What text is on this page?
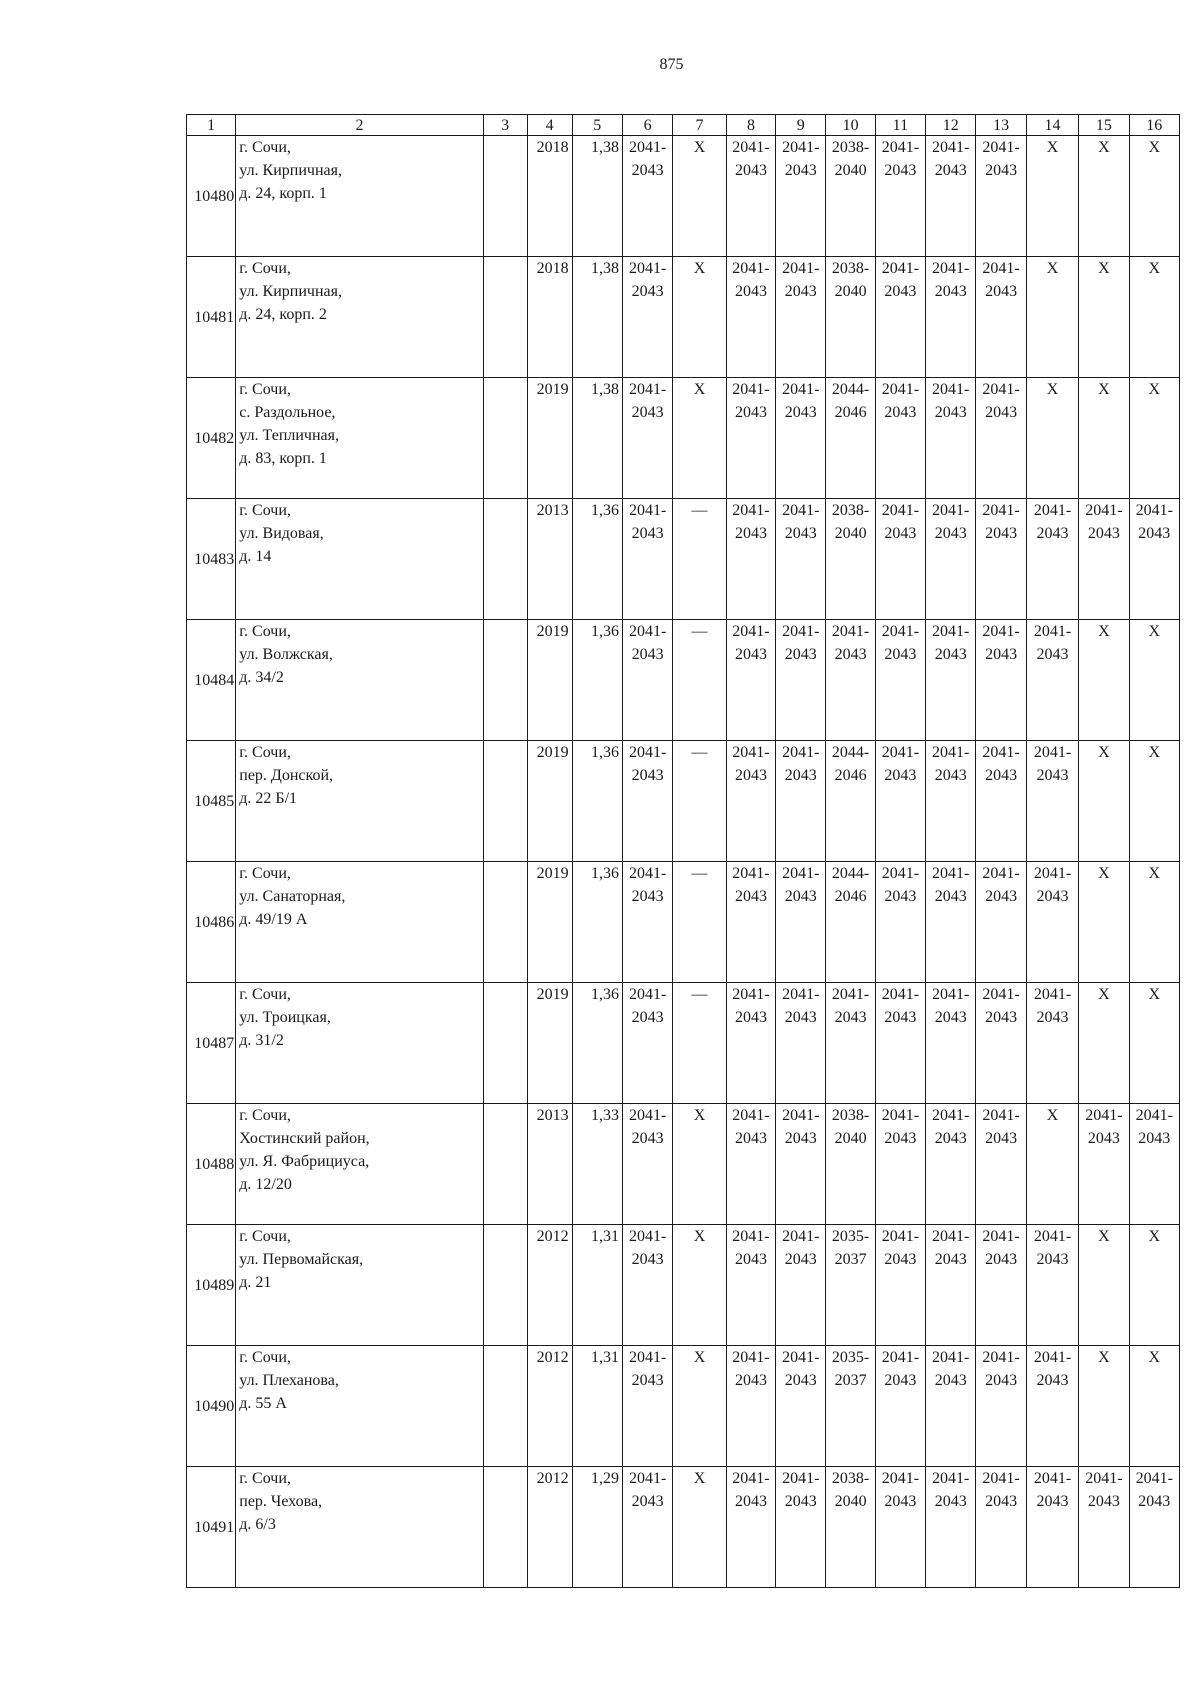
875
1	2	3	4	5	6	7	8	9	10	11	12	13	14	15	16
10480	г. Сочи,
ул. Кирпичная,
д. 24, корп. 1		2018	1,38	2041-
2043	X	2041-
2043	2041-
2043	2038-
2040	2041-
2043	2041-
2043	2041-
2043	X	X	X
10481	г. Сочи,
ул. Кирпичная,
д. 24, корп. 2		2018	1,38	2041-
2043	X	2041-
2043	2041-
2043	2038-
2040	2041-
2043	2041-
2043	2041-
2043	X	X	X
10482	г. Сочи,
с. Раздольное,
ул. Тепличная,
д. 83, корп. 1		2019	1,38	2041-
2043	X	2041-
2043	2041-
2043	2044-
2046	2041-
2043	2041-
2043	2041-
2043	X	X	X
10483	г. Сочи,
ул. Видовая,
д. 14		2013	1,36	2041-
2043	—	2041-
2043	2041-
2043	2038-
2040	2041-
2043	2041-
2043	2041-
2043	2041-
2043	2041-
2043	2041-
2043
10484	г. Сочи,
ул. Волжская,
д. 34/2		2019	1,36	2041-
2043	—	2041-
2043	2041-
2043	2041-
2043	2041-
2043	2041-
2043	2041-
2043	2041-
2043	X	X
10485	г. Сочи,
пер. Донской,
д. 22 Б/1		2019	1,36	2041-
2043	—	2041-
2043	2041-
2043	2044-
2046	2041-
2043	2041-
2043	2041-
2043	2041-
2043	X	X
10486	г. Сочи,
ул. Санаторная,
д. 49/19 А		2019	1,36	2041-
2043	—	2041-
2043	2041-
2043	2044-
2046	2041-
2043	2041-
2043	2041-
2043	2041-
2043	X	X
10487	г. Сочи,
ул. Троицкая,
д. 31/2		2019	1,36	2041-
2043	—	2041-
2043	2041-
2043	2041-
2043	2041-
2043	2041-
2043	2041-
2043	2041-
2043	X	X
10488	г. Сочи,
Хостинский район,
ул. Я. Фабрициуса,
д. 12/20		2013	1,33	2041-
2043	X	2041-
2043	2041-
2043	2038-
2040	2041-
2043	2041-
2043	2041-
2043	X	2041-
2043	2041-
2043
10489	г. Сочи,
ул. Первомайская,
д. 21		2012	1,31	2041-
2043	X	2041-
2043	2041-
2043	2035-
2037	2041-
2043	2041-
2043	2041-
2043	2041-
2043	X	X
10490	г. Сочи,
ул. Плеханова,
д. 55 А		2012	1,31	2041-
2043	X	2041-
2043	2041-
2043	2035-
2037	2041-
2043	2041-
2043	2041-
2043	2041-
2043	X	X
10491	г. Сочи,
пер. Чехова,
д. 6/3		2012	1,29	2041-
2043	X	2041-
2043	2041-
2043	2038-
2040	2041-
2043	2041-
2043	2041-
2043	2041-
2043	2041-
2043	2041-
2043
